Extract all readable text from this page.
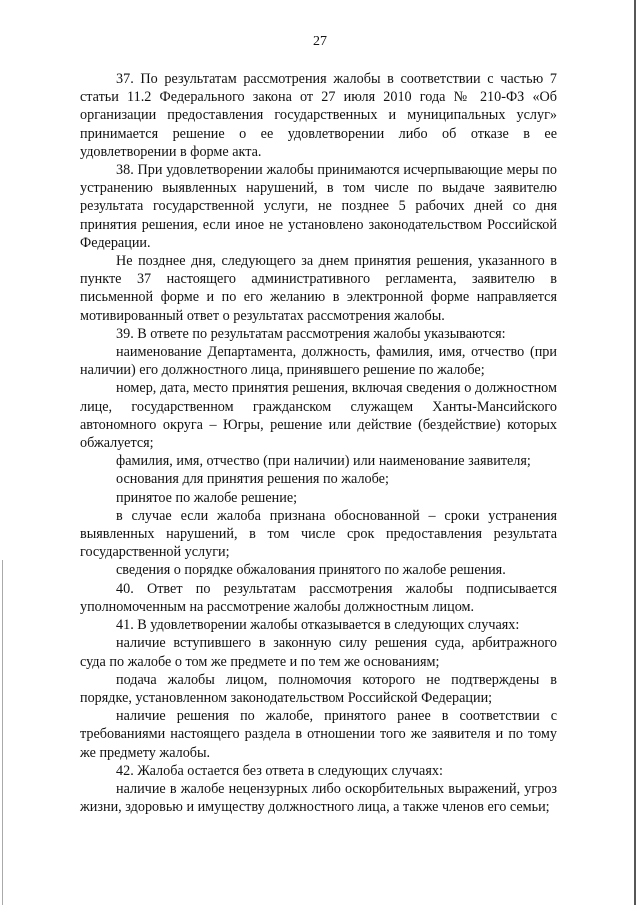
27

37. По результатам рассмотрения жалобы в соответствии с частью 7 статьи 11.2 Федерального закона от 27 июля 2010 года № 210-ФЗ «Об организации предоставления государственных и муниципальных услуг» принимается решение о ее удовлетворении либо об отказе в ее удовлетворении в форме акта.

38. При удовлетворении жалобы принимаются исчерпывающие меры по устранению выявленных нарушений, в том числе по выдаче заявителю результата государственной услуги, не позднее 5 рабочих дней со дня принятия решения, если иное не установлено законодательством Российской Федерации.

Не позднее дня, следующего за днем принятия решения, указанного в пункте 37 настоящего административного регламента, заявителю в письменной форме и по его желанию в электронной форме направляется мотивированный ответ о результатах рассмотрения жалобы.

39. В ответе по результатам рассмотрения жалобы указываются:

наименование Департамента, должность, фамилия, имя, отчество (при наличии) его должностного лица, принявшего решение по жалобе;

номер, дата, место принятия решения, включая сведения о должностном лице, государственном гражданском служащем Ханты-Мансийского автономного округа – Югры, решение или действие (бездействие) которых обжалуется;

фамилия, имя, отчество (при наличии) или наименование заявителя;

основания для принятия решения по жалобе;

принятое по жалобе решение;

в случае если жалоба признана обоснованной – сроки устранения выявленных нарушений, в том числе срок предоставления результата государственной услуги;

сведения о порядке обжалования принятого по жалобе решения.

40. Ответ по результатам рассмотрения жалобы подписывается уполномоченным на рассмотрение жалобы должностным лицом.

41. В удовлетворении жалобы отказывается в следующих случаях:

наличие вступившего в законную силу решения суда, арбитражного суда по жалобе о том же предмете и по тем же основаниям;

подача жалобы лицом, полномочия которого не подтверждены в порядке, установленном законодательством Российской Федерации;

наличие решения по жалобе, принятого ранее в соответствии с требованиями настоящего раздела в отношении того же заявителя и по тому же предмету жалобы.

42. Жалоба остается без ответа в следующих случаях:

наличие в жалобе нецензурных либо оскорбительных выражений, угроз жизни, здоровью и имуществу должностного лица, а также членов его семьи;
